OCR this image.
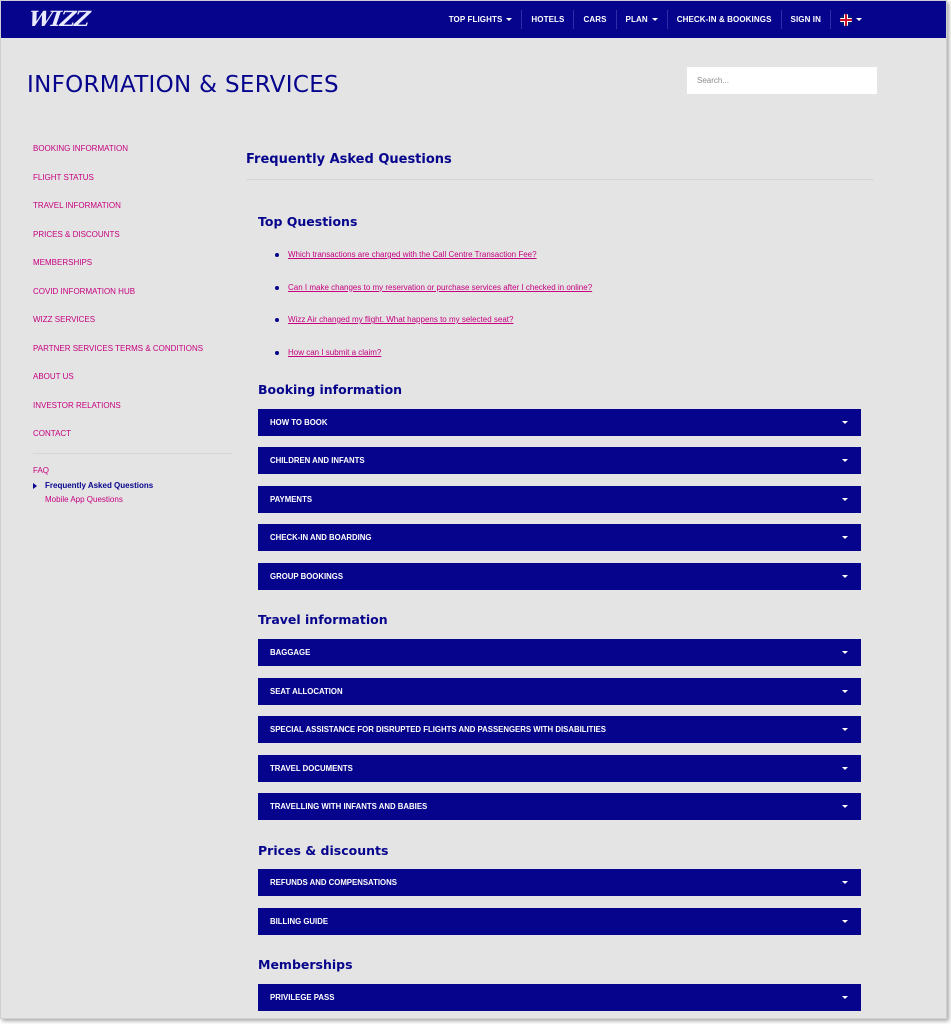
WIZZ	TOP FLIGHTS	HOTELS CARS PLAN	CHECK-IN & BOOKINGS SIGN IN
INFORMATION & SERVICES
Search...
BOOKING INFORMATION
FLIGHT STATUS
TRAVEL INFORMATION
PRICES & DISCOUNTS
MEMBERSHIPS
COVID INFORMATION HUB
WIZZ SERVICES
PARTNER SERVICES TERMS & CONDITIONS
ABOUT US
INVESTOR RELATIONS
CONTACT
FAQ
Frequently Asked Questions
Mobile App Questions
Frequently Asked Questions
Top Questions
Which transactions are charged with the Call Centre Transaction Fee?
Can I make changes to my reservation or purchase services after I checked in online?
Wizz Air changed my flight. What happens to my selected seat?
How can I submit a claim?
Booking information
HOW TO BOOK
CHILDREN AND INFANTS
PAYMENTS
CHECK-IN AND BOARDING
GROUP BOOKINGS
Travel information
BAGGAGE
SEAT ALLOCATION
SPECIAL ASSISTANCE FOR DISRUPTED FLIGHTS AND PASSENGERS WITH DISABILITIES
TRAVEL DOCUMENTS
TRAVELLING WITH INFANTS AND BABIES
Prices & discounts
REFUNDS AND COMPENSATIONS
BILLING GUIDE
Memberships
PRIVILEGE PASS
